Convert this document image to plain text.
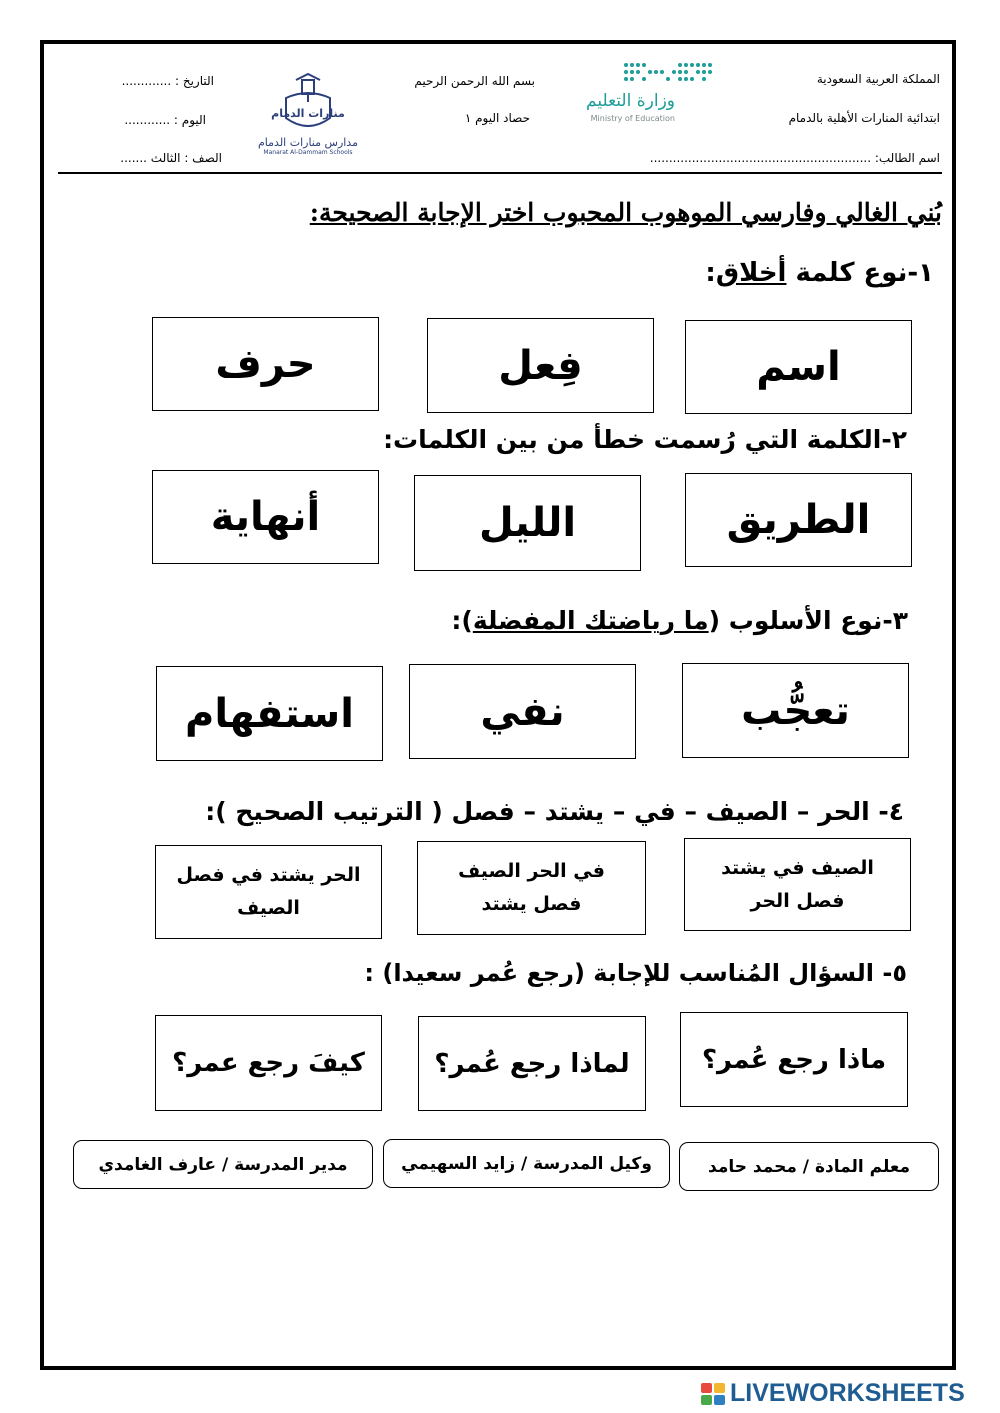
المملكة العربية السعودية
ابتدائية المنارات الأهلية بالدمام
اسم الطالب: ..........................................................
بسم الله الرحمن الرحيم
حصاد اليوم ١
وزارة التعليم
Ministry of Education
منارات الدمام
مدارس منارات الدمام
Manarat Al-Dammam Schools
التاريخ : .............
اليوم : ............
الصف : الثالث .......
بُني الغالي وفارسي الموهوب المحبوب اختر الإجابة الصحيحة:
١-نوع كلمة أخلاق:
اسم
فِعل
حرف
٢-الكلمة التي رُسمت خطأ من بين الكلمات:
الطريق
الليل
أنهاية
٣-نوع الأسلوب (ما رياضتك المفضلة):
تعجُّب
نفي
استفهام
٤- الحر – الصيف – في – يشتد – فصل ( الترتيب الصحيح ):
الصيف في يشتد فصل الحر
في الحر الصيف فصل يشتد
الحر يشتد في فصل الصيف
٥- السؤال المُناسب للإجابة (رجع عُمر سعيدا) :
ماذا رجع عُمر؟
لماذا رجع عُمر؟
كيفَ رجع عمر؟
معلم المادة / محمد حامد
وكيل المدرسة / زايد السهيمي
مدير المدرسة / عارف الغامدي
LIVEWORKSHEETS
